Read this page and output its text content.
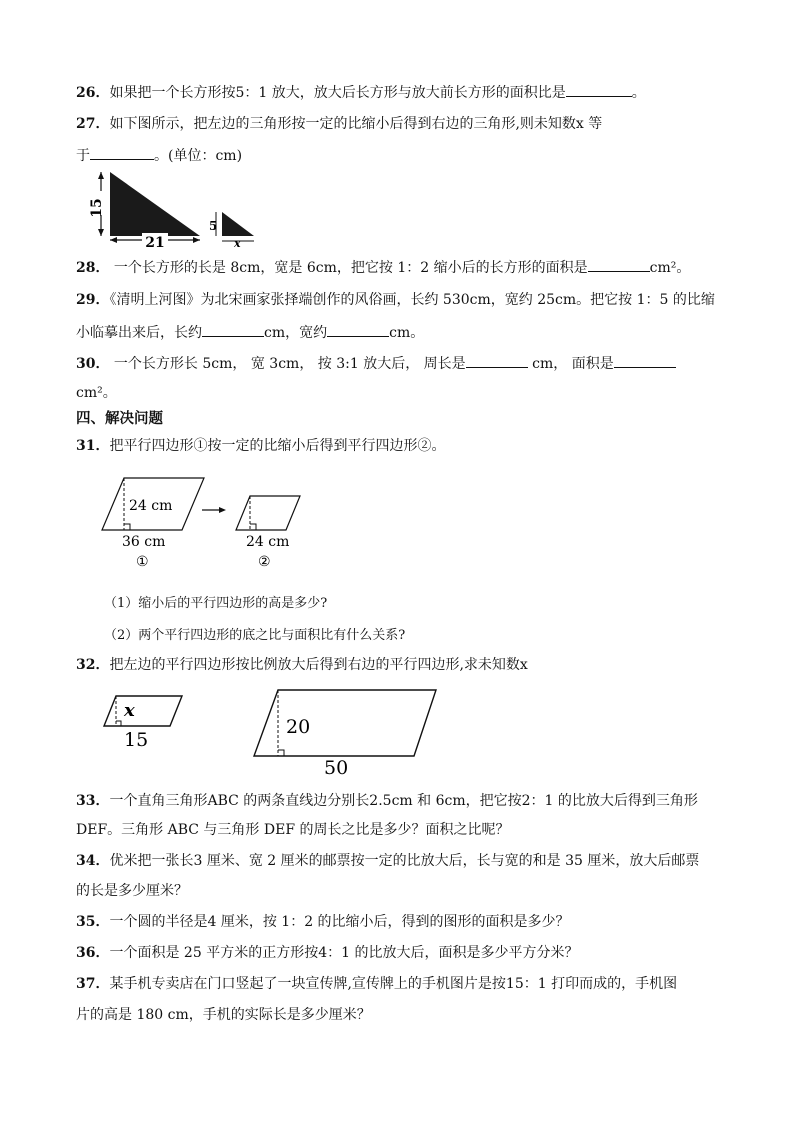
26．如果把一个长方形按5：1 放大，放大后长方形与放大前长方形的面积比是	。
27．如下图所示，把左边的三角形按一定的比缩小后得到右边的三角形,则未知数x 等
于	。(单位：cm)
15
21
5
x
28． 一个长方形的长是 8cm，宽是 6cm，把它按 1：2 缩小后的长方形的面积是	cm²。
29．《清明上河图》为北宋画家张择端创作的风俗画，长约 530cm，宽约 25cm。把它按 1：5 的比缩
小临摹出来后，长约	cm，宽约	cm。
30． 一个长方形长 5cm， 宽 3cm， 按 3:1 放大后， 周长是	cm， 面积是
cm²。
四、解决问题
31．把平行四边形①按一定的比缩小后得到平行四边形②。
24 cm
36 cm
①
24 cm
②
（1）缩小后的平行四边形的高是多少?
（2）两个平行四边形的底之比与面积比有什么关系?
32．把左边的平行四边形按比例放大后得到右边的平行四边形,求未知数x
x
15
20
50
33．一个直角三角形ABC 的两条直线边分别长2.5cm 和 6cm，把它按2：1 的比放大后得到三角形
DEF。三角形 ABC 与三角形 DEF 的周长之比是多少？面积之比呢？
34．优米把一张长3 厘米、宽 2 厘米的邮票按一定的比放大后，长与宽的和是 35 厘米，放大后邮票
的长是多少厘米？
35．一个圆的半径是4 厘米，按 1：2 的比缩小后，得到的图形的面积是多少？
36．一个面积是 25 平方米的正方形按4：1 的比放大后，面积是多少平方分米？
37．某手机专卖店在门口竖起了一块宣传牌,宣传牌上的手机图片是按15：1 打印而成的，手机图
片的高是 180 cm，手机的实际长是多少厘米？
